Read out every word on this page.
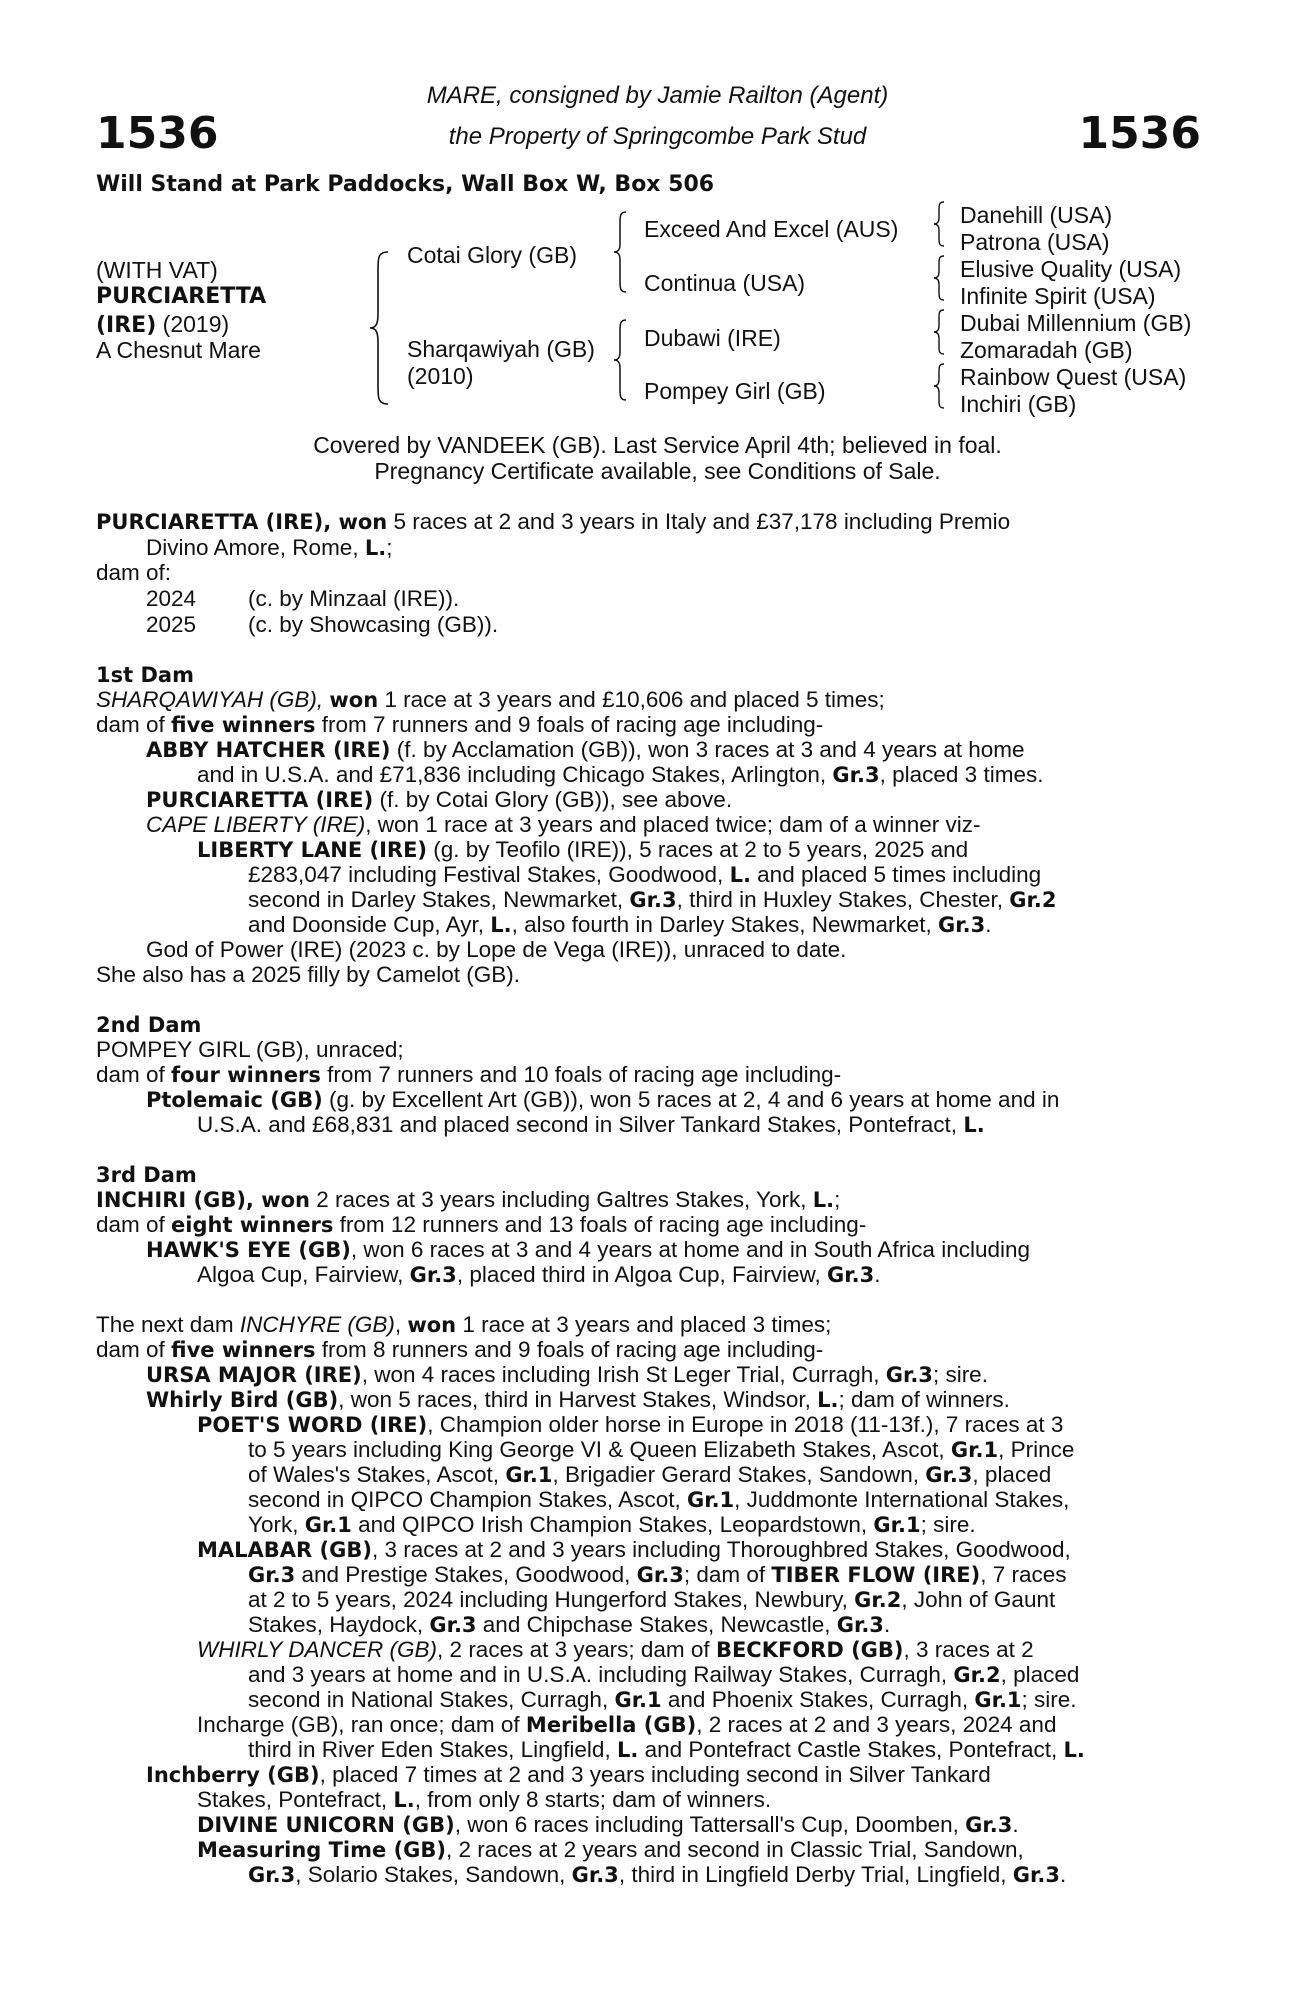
MARE, consigned by Jamie Railton (Agent)
the Property of Springcombe Park Stud
1536	1536
Will Stand at Park Paddocks, Wall Box W, Box 506
(WITH VAT)
PURCIARETTA
(IRE) (2019)
A Chesnut Mare
Cotai Glory (GB)
Sharqawiyah (GB)
(2010)
Exceed And Excel (AUS)
Continua (USA)
Dubawi (IRE)
Pompey Girl (GB)
Danehill (USA)
Patrona (USA)
Elusive Quality (USA)
Infinite Spirit (USA)
Dubai Millennium (GB)
Zomaradah (GB)
Rainbow Quest (USA)
Inchiri (GB)
Covered by VANDEEK (GB). Last Service April 4th; believed in foal.
Pregnancy Certificate available, see Conditions of Sale.
PURCIARETTA (IRE), won 5 races at 2 and 3 years in Italy and £37,178 including Premio
Divino Amore, Rome, L.;
dam of:
2024 (c. by Minzaal (IRE)).
2025 (c. by Showcasing (GB)).
1st Dam
SHARQAWIYAH (GB), won 1 race at 3 years and £10,606 and placed 5 times;
dam of five winners from 7 runners and 9 foals of racing age including-
ABBY HATCHER (IRE) (f. by Acclamation (GB)), won 3 races at 3 and 4 years at home
and in U.S.A. and £71,836 including Chicago Stakes, Arlington, Gr.3, placed 3 times.
PURCIARETTA (IRE) (f. by Cotai Glory (GB)), see above.
CAPE LIBERTY (IRE), won 1 race at 3 years and placed twice; dam of a winner viz-
LIBERTY LANE (IRE) (g. by Teofilo (IRE)), 5 races at 2 to 5 years, 2025 and
£283,047 including Festival Stakes, Goodwood, L. and placed 5 times including
second in Darley Stakes, Newmarket, Gr.3, third in Huxley Stakes, Chester, Gr.2
and Doonside Cup, Ayr, L., also fourth in Darley Stakes, Newmarket, Gr.3.
God of Power (IRE) (2023 c. by Lope de Vega (IRE)), unraced to date.
She also has a 2025 filly by Camelot (GB).
2nd Dam
POMPEY GIRL (GB), unraced;
dam of four winners from 7 runners and 10 foals of racing age including-
Ptolemaic (GB) (g. by Excellent Art (GB)), won 5 races at 2, 4 and 6 years at home and in
U.S.A. and £68,831 and placed second in Silver Tankard Stakes, Pontefract, L.
3rd Dam
INCHIRI (GB), won 2 races at 3 years including Galtres Stakes, York, L.;
dam of eight winners from 12 runners and 13 foals of racing age including-
HAWK'S EYE (GB), won 6 races at 3 and 4 years at home and in South Africa including
Algoa Cup, Fairview, Gr.3, placed third in Algoa Cup, Fairview, Gr.3.
The next dam INCHYRE (GB), won 1 race at 3 years and placed 3 times;
dam of five winners from 8 runners and 9 foals of racing age including-
URSA MAJOR (IRE), won 4 races including Irish St Leger Trial, Curragh, Gr.3; sire.
Whirly Bird (GB), won 5 races, third in Harvest Stakes, Windsor, L.; dam of winners.
POET'S WORD (IRE), Champion older horse in Europe in 2018 (11-13f.), 7 races at 3
to 5 years including King George VI & Queen Elizabeth Stakes, Ascot, Gr.1, Prince
of Wales's Stakes, Ascot, Gr.1, Brigadier Gerard Stakes, Sandown, Gr.3, placed
second in QIPCO Champion Stakes, Ascot, Gr.1, Juddmonte International Stakes,
York, Gr.1 and QIPCO Irish Champion Stakes, Leopardstown, Gr.1; sire.
MALABAR (GB), 3 races at 2 and 3 years including Thoroughbred Stakes, Goodwood,
Gr.3 and Prestige Stakes, Goodwood, Gr.3; dam of TIBER FLOW (IRE), 7 races
at 2 to 5 years, 2024 including Hungerford Stakes, Newbury, Gr.2, John of Gaunt
Stakes, Haydock, Gr.3 and Chipchase Stakes, Newcastle, Gr.3.
WHIRLY DANCER (GB), 2 races at 3 years; dam of BECKFORD (GB), 3 races at 2
and 3 years at home and in U.S.A. including Railway Stakes, Curragh, Gr.2, placed
second in National Stakes, Curragh, Gr.1 and Phoenix Stakes, Curragh, Gr.1; sire.
Incharge (GB), ran once; dam of Meribella (GB), 2 races at 2 and 3 years, 2024 and
third in River Eden Stakes, Lingfield, L. and Pontefract Castle Stakes, Pontefract, L.
Inchberry (GB), placed 7 times at 2 and 3 years including second in Silver Tankard
Stakes, Pontefract, L., from only 8 starts; dam of winners.
DIVINE UNICORN (GB), won 6 races including Tattersall's Cup, Doomben, Gr.3.
Measuring Time (GB), 2 races at 2 years and second in Classic Trial, Sandown,
Gr.3, Solario Stakes, Sandown, Gr.3, third in Lingfield Derby Trial, Lingfield, Gr.3.
